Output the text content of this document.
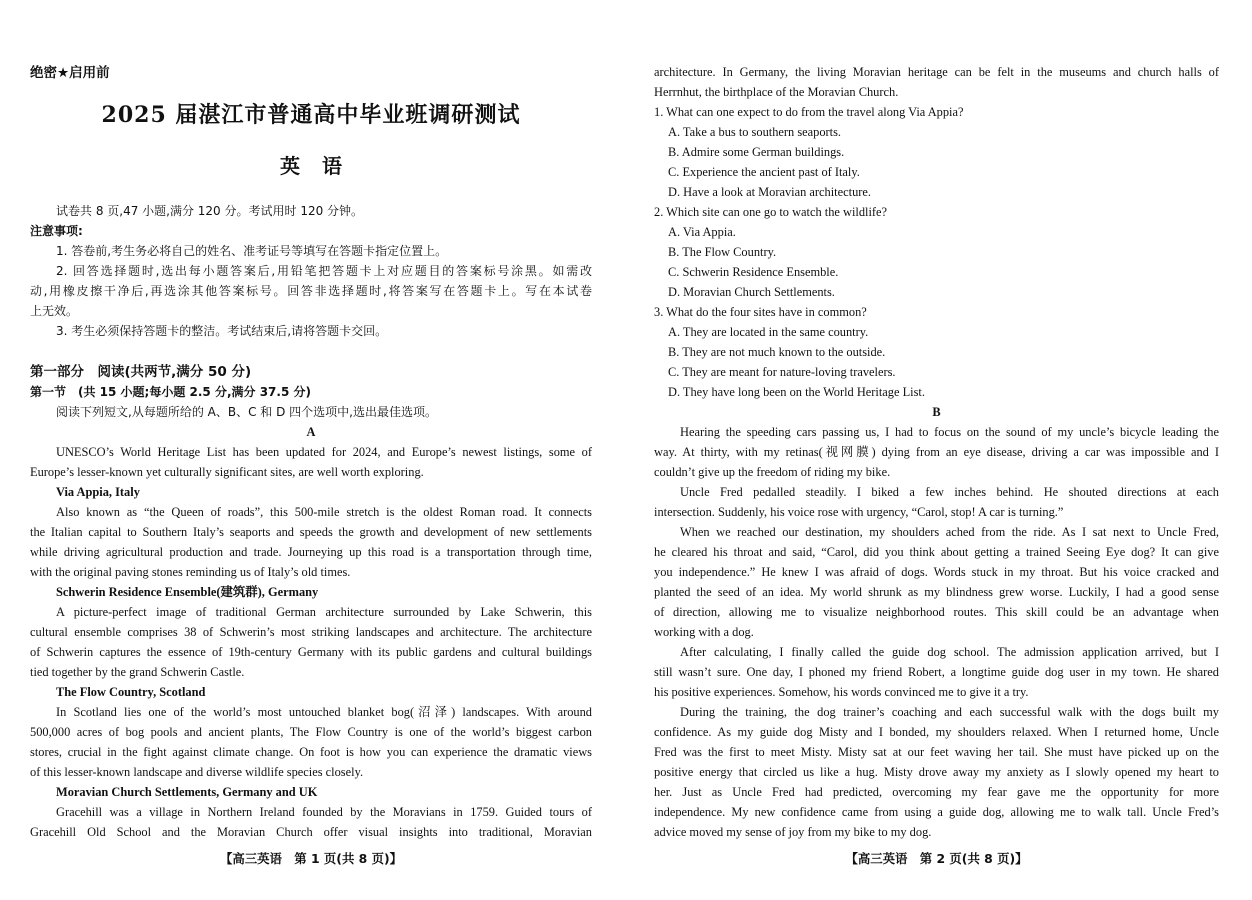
绝密★启用前
2025 届湛江市普通高中毕业班调研测试
英语
试卷共 8 页,47 小题,满分 120 分。考试用时 120 分钟。
注意事项:
1. 答卷前,考生务必将自己的姓名、准考证号等填写在答题卡指定位置上。
2. 回答选择题时,选出每小题答案后,用铅笔把答题卡上对应题目的答案标号涂黑。如需改
动,用橡皮擦干净后,再选涂其他答案标号。回答非选择题时,将答案写在答题卡上。写在本试卷
上无效。
3. 考生必须保持答题卡的整洁。考试结束后,请将答题卡交回。
第一部分　阅读(共两节,满分 50 分)
第一节　(共 15 小题;每小题 2.5 分,满分 37.5 分)
阅读下列短文,从每题所给的 A、B、C 和 D 四个选项中,选出最佳选项。
A
UNESCO’s World Heritage List has been updated for 2024, and Europe’s newest listings, some of
Europe’s lesser-known yet culturally significant sites, are well worth exploring.
Via Appia, Italy
Also known as “the Queen of roads”, this 500-mile stretch is the oldest Roman road. It connects
the Italian capital to Southern Italy’s seaports and speeds the growth and development of new settlements
while driving agricultural production and trade. Journeying up this road is a transportation through time,
with the original paving stones reminding us of Italy’s old times.
Schwerin Residence Ensemble(建筑群), Germany
A picture-perfect image of traditional German architecture surrounded by Lake Schwerin, this
cultural ensemble comprises 38 of Schwerin’s most striking landscapes and architecture. The architecture
of Schwerin captures the essence of 19th-century Germany with its public gardens and cultural buildings
tied together by the grand Schwerin Castle.
The Flow Country, Scotland
In Scotland lies one of the world’s most untouched blanket bog(沼泽) landscapes. With around
500,000 acres of bog pools and ancient plants, The Flow Country is one of the world’s biggest carbon
stores, crucial in the fight against climate change. On foot is how you can experience the dramatic views
of this lesser-known landscape and diverse wildlife species closely.
Moravian Church Settlements, Germany and UK
Gracehill was a village in Northern Ireland founded by the Moravians in 1759. Guided tours of
Gracehill Old School and the Moravian Church offer visual insights into traditional, Moravian
【高三英语　第 1 页(共 8 页)】
architecture. In Germany, the living Moravian heritage can be felt in the museums and church halls of
Herrnhut, the birthplace of the Moravian Church.
1. What can one expect to do from the travel along Via Appia?
A. Take a bus to southern seaports.
B. Admire some German buildings.
C. Experience the ancient past of Italy.
D. Have a look at Moravian architecture.
2. Which site can one go to watch the wildlife?
A. Via Appia.
B. The Flow Country.
C. Schwerin Residence Ensemble.
D. Moravian Church Settlements.
3. What do the four sites have in common?
A. They are located in the same country.
B. They are not much known to the outside.
C. They are meant for nature-loving travelers.
D. They have long been on the World Heritage List.
B
Hearing the speeding cars passing us, I had to focus on the sound of my uncle’s bicycle leading the
way. At thirty, with my retinas(视网膜) dying from an eye disease, driving a car was impossible and I
couldn’t give up the freedom of riding my bike.
Uncle Fred pedalled steadily. I biked a few inches behind. He shouted directions at each
intersection. Suddenly, his voice rose with urgency, “Carol, stop! A car is turning.”
When we reached our destination, my shoulders ached from the ride. As I sat next to Uncle Fred,
he cleared his throat and said, “Carol, did you think about getting a trained Seeing Eye dog? It can give
you independence.” He knew I was afraid of dogs. Words stuck in my throat. But his voice cracked and
planted the seed of an idea. My world shrunk as my blindness grew worse. Luckily, I had a good sense
of direction, allowing me to visualize neighborhood routes. This skill could be an advantage when
working with a dog.
After calculating, I finally called the guide dog school. The admission application arrived, but I
still wasn’t sure. One day, I phoned my friend Robert, a longtime guide dog user in my town. He shared
his positive experiences. Somehow, his words convinced me to give it a try.
During the training, the dog trainer’s coaching and each successful walk with the dogs built my
confidence. As my guide dog Misty and I bonded, my shoulders relaxed. When I returned home, Uncle
Fred was the first to meet Misty. Misty sat at our feet waving her tail. She must have picked up on the
positive energy that circled us like a hug. Misty drove away my anxiety as I slowly opened my heart to
her. Just as Uncle Fred had predicted, overcoming my fear gave me the opportunity for more
independence. My new confidence came from using a guide dog, allowing me to walk tall. Uncle Fred’s
advice moved my sense of joy from my bike to my dog.
【高三英语　第 2 页(共 8 页)】
